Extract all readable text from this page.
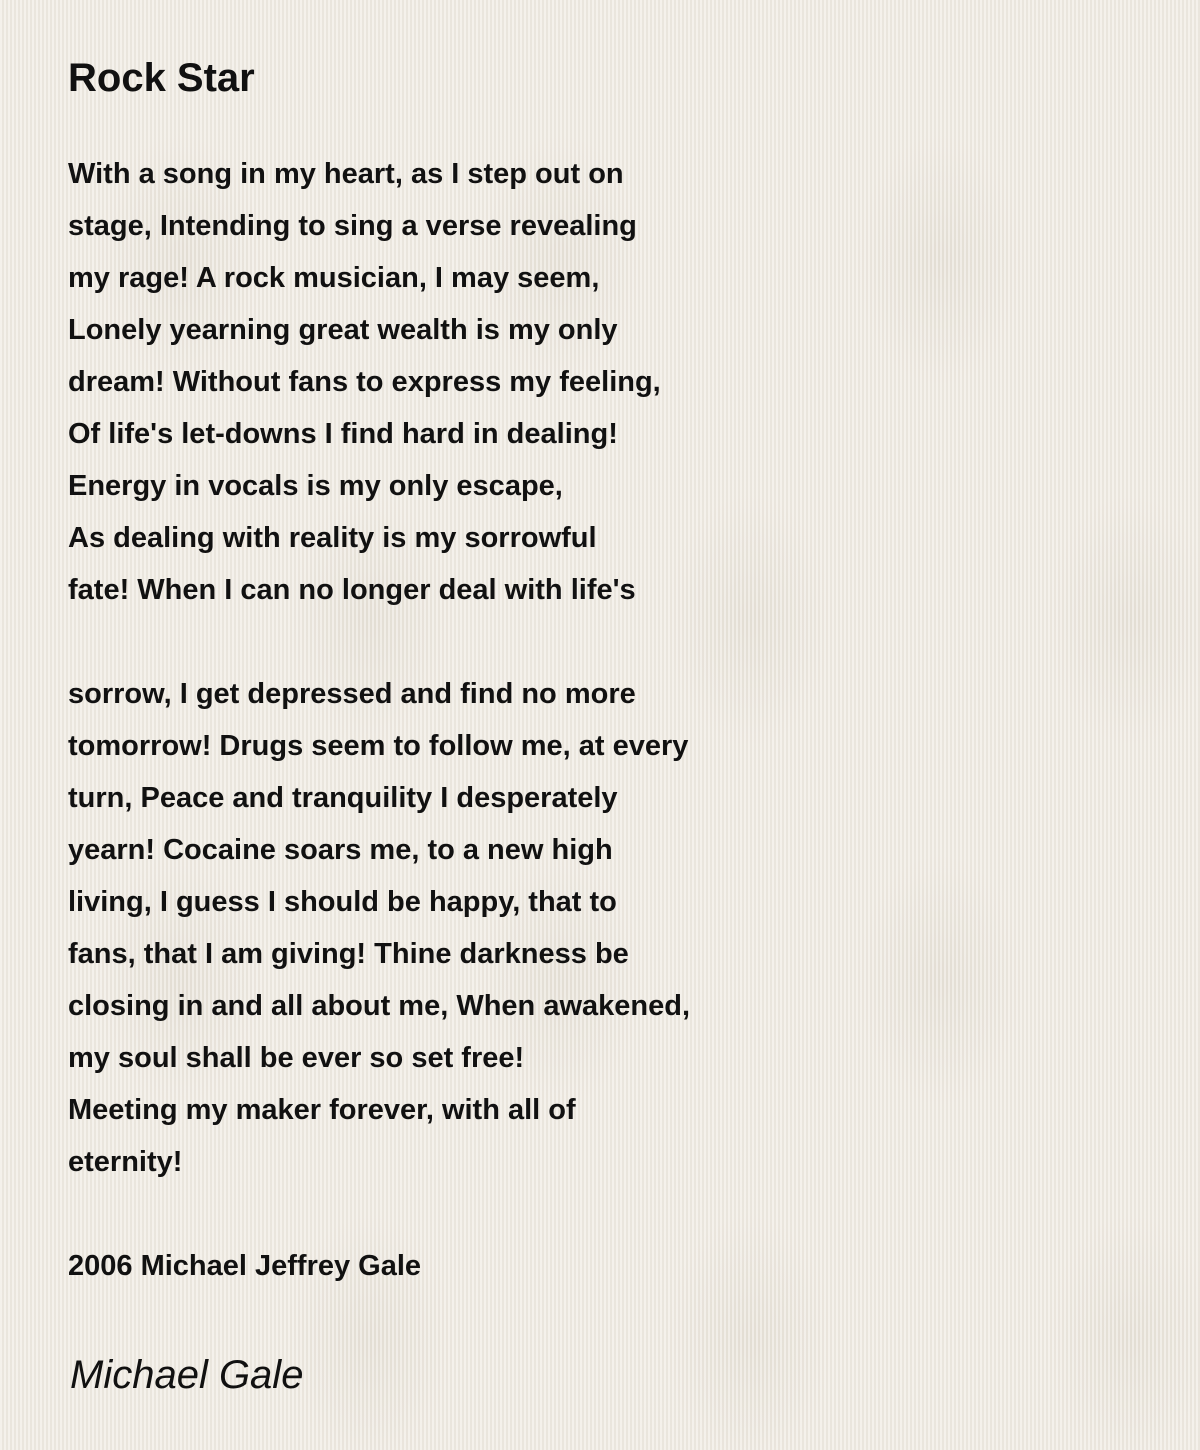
Rock Star
With a song in my heart, as I step out on
stage, Intending to sing a verse revealing
my rage! A rock musician, I may seem,
Lonely yearning great wealth is my only
dream! Without fans to express my feeling,
Of life's let-downs I find hard in dealing!
Energy in vocals is my only escape,
As dealing with reality is my sorrowful
fate! When I can no longer deal with life's
sorrow, I get depressed and find no more
tomorrow! Drugs seem to follow me, at every
turn, Peace and tranquility I desperately
yearn! Cocaine soars me, to a new high
living, I guess I should be happy, that to
fans, that I am giving! Thine darkness be
closing in and all about me, When awakened,
my soul shall be ever so set free!
Meeting my maker forever, with all of
eternity!

2006 Michael Jeffrey Gale

Michael Gale
